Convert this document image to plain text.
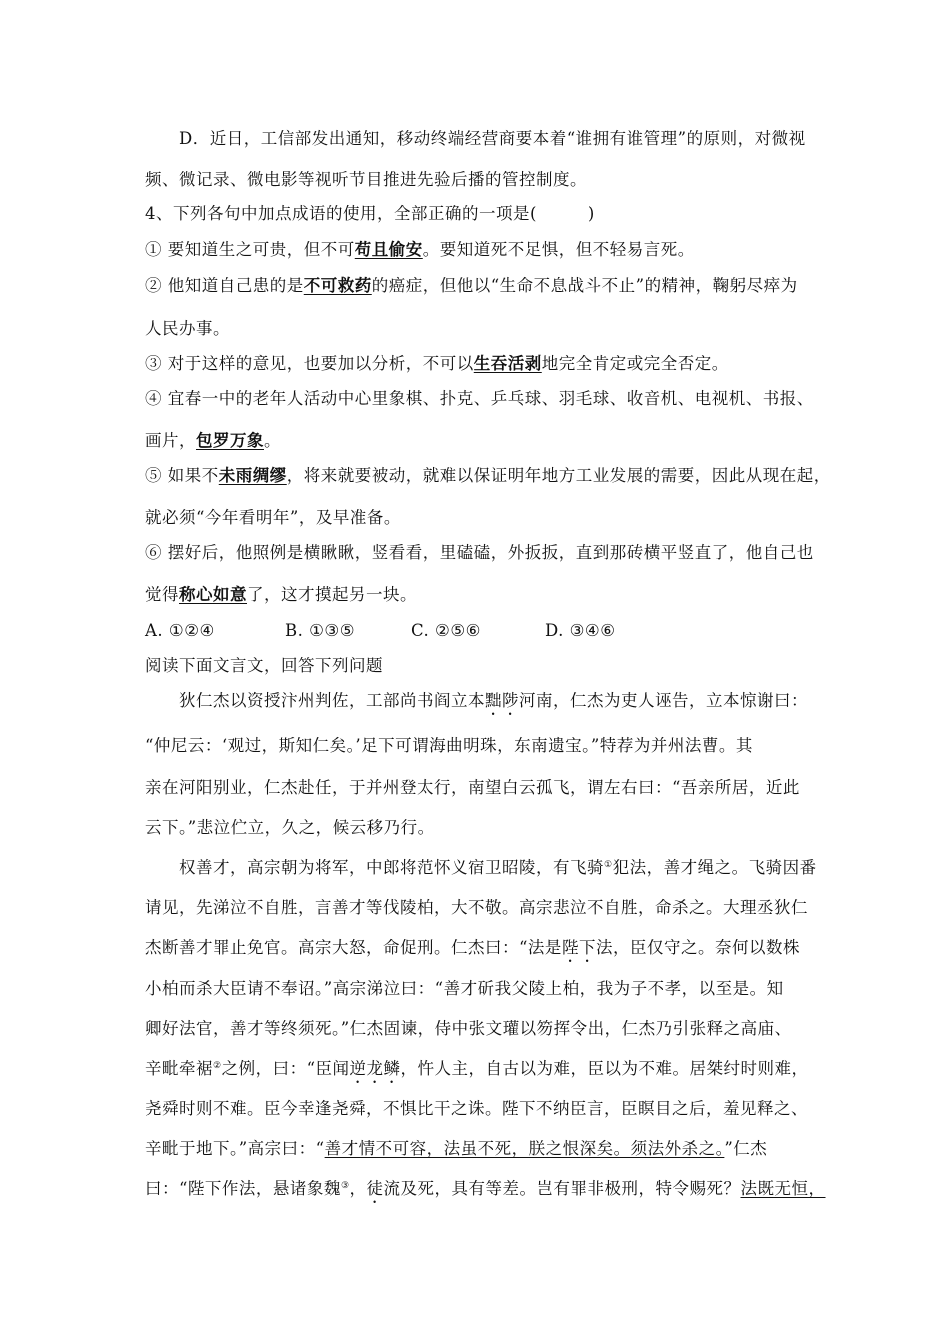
D．近日，工信部发出通知，移动终端经营商要本着“谁拥有谁管理”的原则，对微视
频、微记录、微电影等视听节目推进先验后播的管控制度。
4、下列各句中加点成语的使用，全部正确的一项是(　　　)
① 要知道生之可贵，但不可苟且偷安。要知道死不足惧，但不轻易言死。
② 他知道自己患的是不可救药的癌症，但他以“生命不息战斗不止”的精神，鞠躬尽瘁为
人民办事。
③ 对于这样的意见，也要加以分析，不可以生吞活剥地完全肯定或完全否定。
④ 宜春一中的老年人活动中心里象棋、扑克、乒乓球、羽毛球、收音机、电视机、书报、
画片，包罗万象。
⑤ 如果不未雨绸缪，将来就要被动，就难以保证明年地方工业发展的需要，因此从现在起，
就必须“今年看明年”，及早准备。
⑥ 摆好后，他照例是横瞅瞅，竖看看，里磕磕，外扳扳，直到那砖横平竖直了，他自己也
觉得称心如意了，这才摸起另一块。
A. ①②④	B. ①③⑤	C. ②⑤⑥	D. ③④⑥
阅读下面文言文，回答下列问题
狄仁杰以资授汴州判佐，工部尚书阎立本黜陟河南，仁杰为吏人诬告，立本惊谢曰：
“仲尼云：‘观过，斯知仁矣。’足下可谓海曲明珠，东南遗宝。”特荐为并州法曹。其
亲在河阳别业，仁杰赴任，于并州登太行，南望白云孤飞，谓左右曰：“吾亲所居，近此
云下。”悲泣伫立，久之，候云移乃行。
权善才，高宗朝为将军，中郎将范怀义宿卫昭陵，有飞骑①犯法，善才绳之。飞骑因番
请见，先涕泣不自胜，言善才等伐陵柏，大不敬。高宗悲泣不自胜，命杀之。大理丞狄仁
杰断善才罪止免官。高宗大怒，命促刑。仁杰曰：“法是陛下法，臣仅守之。奈何以数株
小柏而杀大臣请不奉诏。”高宗涕泣曰：“善才斫我父陵上柏，我为子不孝，以至是。知
卿好法官，善才等终须死。”仁杰固谏，侍中张文瓘以笏挥令出，仁杰乃引张释之高庙、
辛毗牵裾②之例，曰：“臣闻逆龙鳞，忤人主，自古以为难，臣以为不难。居桀纣时则难，
尧舜时则不难。臣今幸逢尧舜，不惧比干之诛。陛下不纳臣言，臣瞑目之后，羞见释之、
辛毗于地下。”高宗曰：“善才情不可容，法虽不死，朕之恨深矣。须法外杀之。”仁杰
曰：“陛下作法，悬诸象魏③，徒流及死，具有等差。岂有罪非极刑，特令赐死？法既无恒，
